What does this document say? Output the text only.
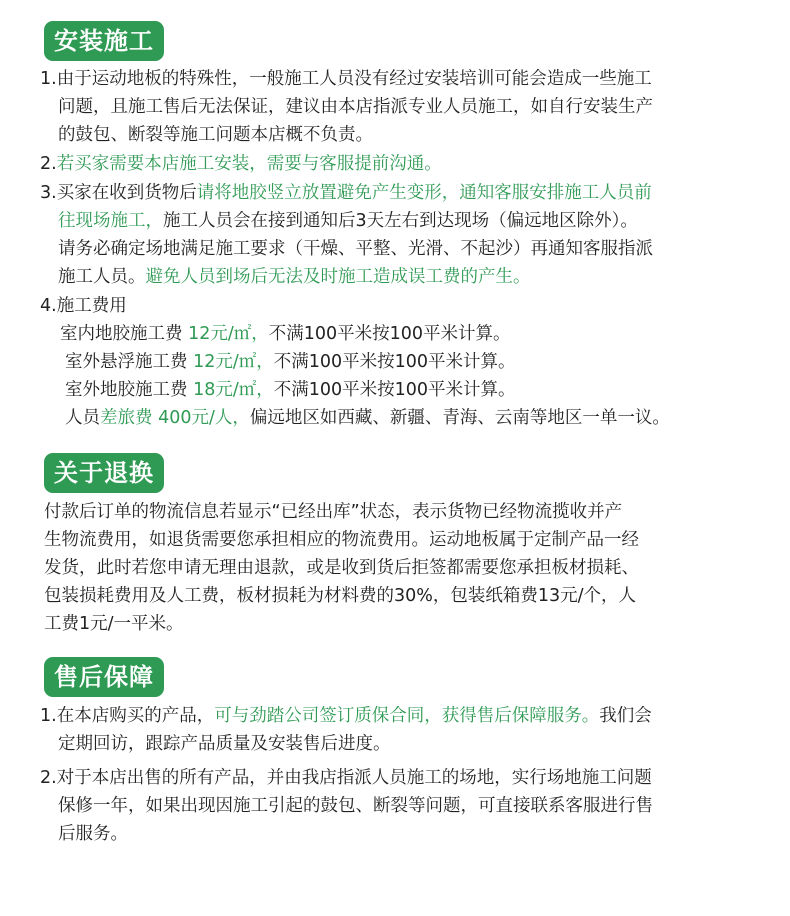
安装施工
1.由于运动地板的特殊性，一般施工人员没有经过安装培训可能会造成一些施工
问题，且施工售后无法保证，建议由本店指派专业人员施工，如自行安装生产
的鼓包、断裂等施工问题本店概不负责。
2.若买家需要本店施工安装，需要与客服提前沟通。
3.买家在收到货物后请将地胶竖立放置避免产生变形，通知客服安排施工人员前
往现场施工，施工人员会在接到通知后3天左右到达现场（偏远地区除外）。
请务必确定场地满足施工要求（干燥、平整、光滑、不起沙）再通知客服指派
施工人员。避免人员到场后无法及时施工造成误工费的产生。
4.施工费用
室内地胶施工费 12元/㎡，不满100平米按100平米计算。
室外悬浮施工费 12元/㎡，不满100平米按100平米计算。
室外地胶施工费 18元/㎡，不满100平米按100平米计算。
人员差旅费 400元/人，偏远地区如西藏、新疆、青海、云南等地区一单一议。
关于退换
付款后订单的物流信息若显示“已经出库”状态，表示货物已经物流揽收并产
生物流费用，如退货需要您承担相应的物流费用。运动地板属于定制产品一经
发货，此时若您申请无理由退款，或是收到货后拒签都需要您承担板材损耗、
包装损耗费用及人工费，板材损耗为材料费的30%，包装纸箱费13元/个，人
工费1元/一平米。
售后保障
1.在本店购买的产品，可与劲踏公司签订质保合同，获得售后保障服务。我们会
定期回访，跟踪产品质量及安装售后进度。
2.对于本店出售的所有产品，并由我店指派人员施工的场地，实行场地施工问题
保修一年，如果出现因施工引起的鼓包、断裂等问题，可直接联系客服进行售
后服务。
